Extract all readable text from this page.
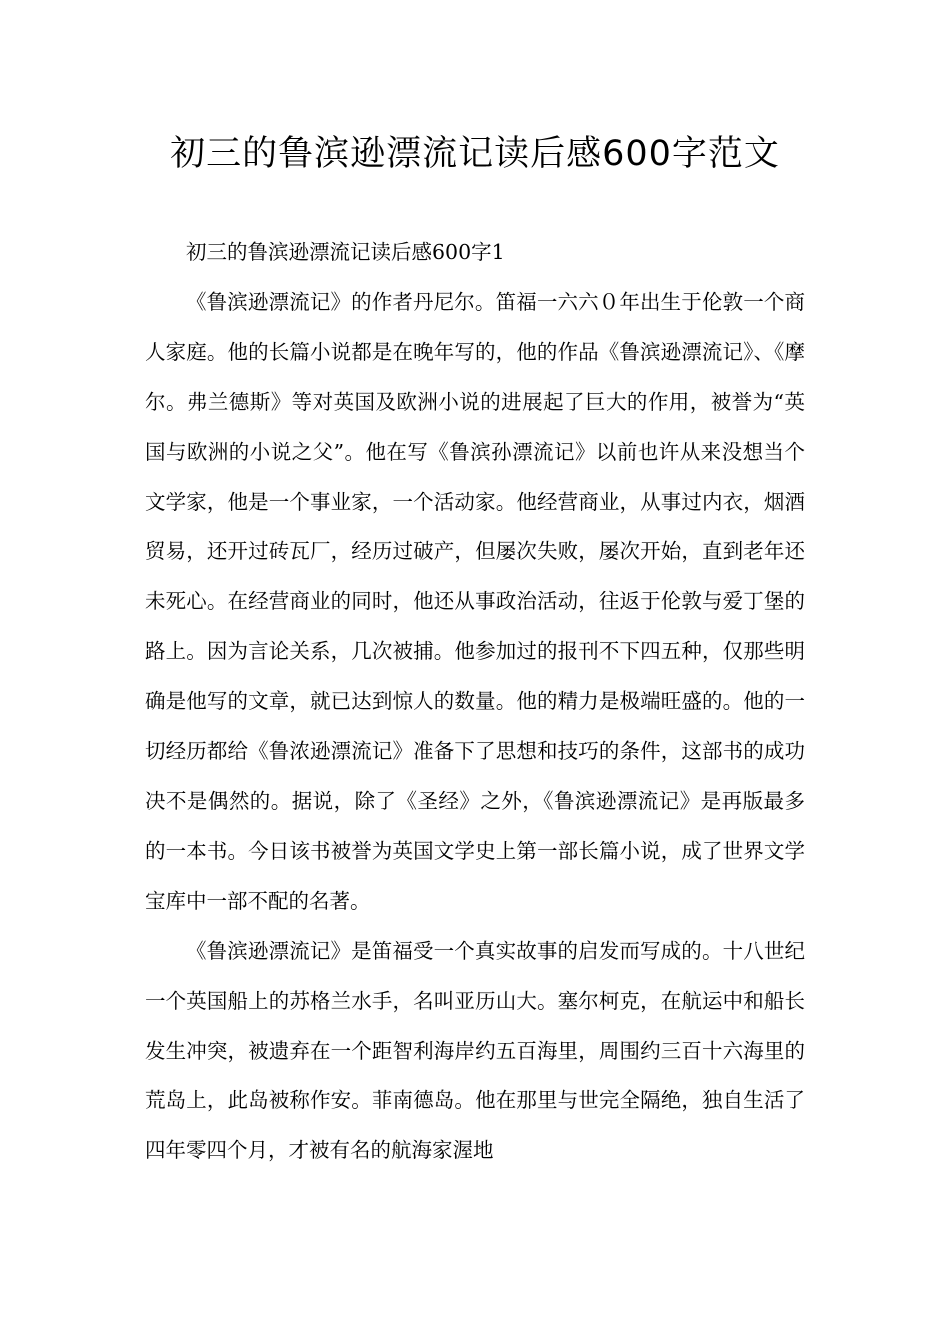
初三的鲁滨逊漂流记读后感600字范文

初三的鲁滨逊漂流记读后感600字1

《鲁滨逊漂流记》的作者丹尼尔。笛福一六六０年出生于伦敦一个商人家庭。他的长篇小说都是在晚年写的，他的作品《鲁滨逊漂流记》、《摩尔。弗兰德斯》等对英国及欧洲小说的进展起了巨大的作用，被誉为“英国与欧洲的小说之父”。他在写《鲁滨孙漂流记》以前也许从来没想当个文学家，他是一个事业家，一个活动家。他经营商业，从事过内衣，烟酒贸易，还开过砖瓦厂，经历过破产，但屡次失败，屡次开始，直到老年还未死心。在经营商业的同时，他还从事政治活动，往返于伦敦与爱丁堡的路上。因为言论关系，几次被捕。他参加过的报刊不下四五种，仅那些明确是他写的文章，就已达到惊人的数量。他的精力是极端旺盛的。他的一切经历都给《鲁浓逊漂流记》准备下了思想和技巧的条件，这部书的成功决不是偶然的。据说，除了《圣经》之外，《鲁滨逊漂流记》是再版最多的一本书。今日该书被誉为英国文学史上第一部长篇小说，成了世界文学宝库中一部不配的名著。

《鲁滨逊漂流记》是笛福受一个真实故事的启发而写成的。十八世纪一个英国船上的苏格兰水手，名叫亚历山大。塞尔柯克，在航运中和船长发生冲突，被遗弃在一个距智利海岸约五百海里，周围约三百十六海里的荒岛上，此岛被称作安。菲南德岛。他在那里与世完全隔绝，独自生活了四年零四个月，才被有名的航海家渥地
